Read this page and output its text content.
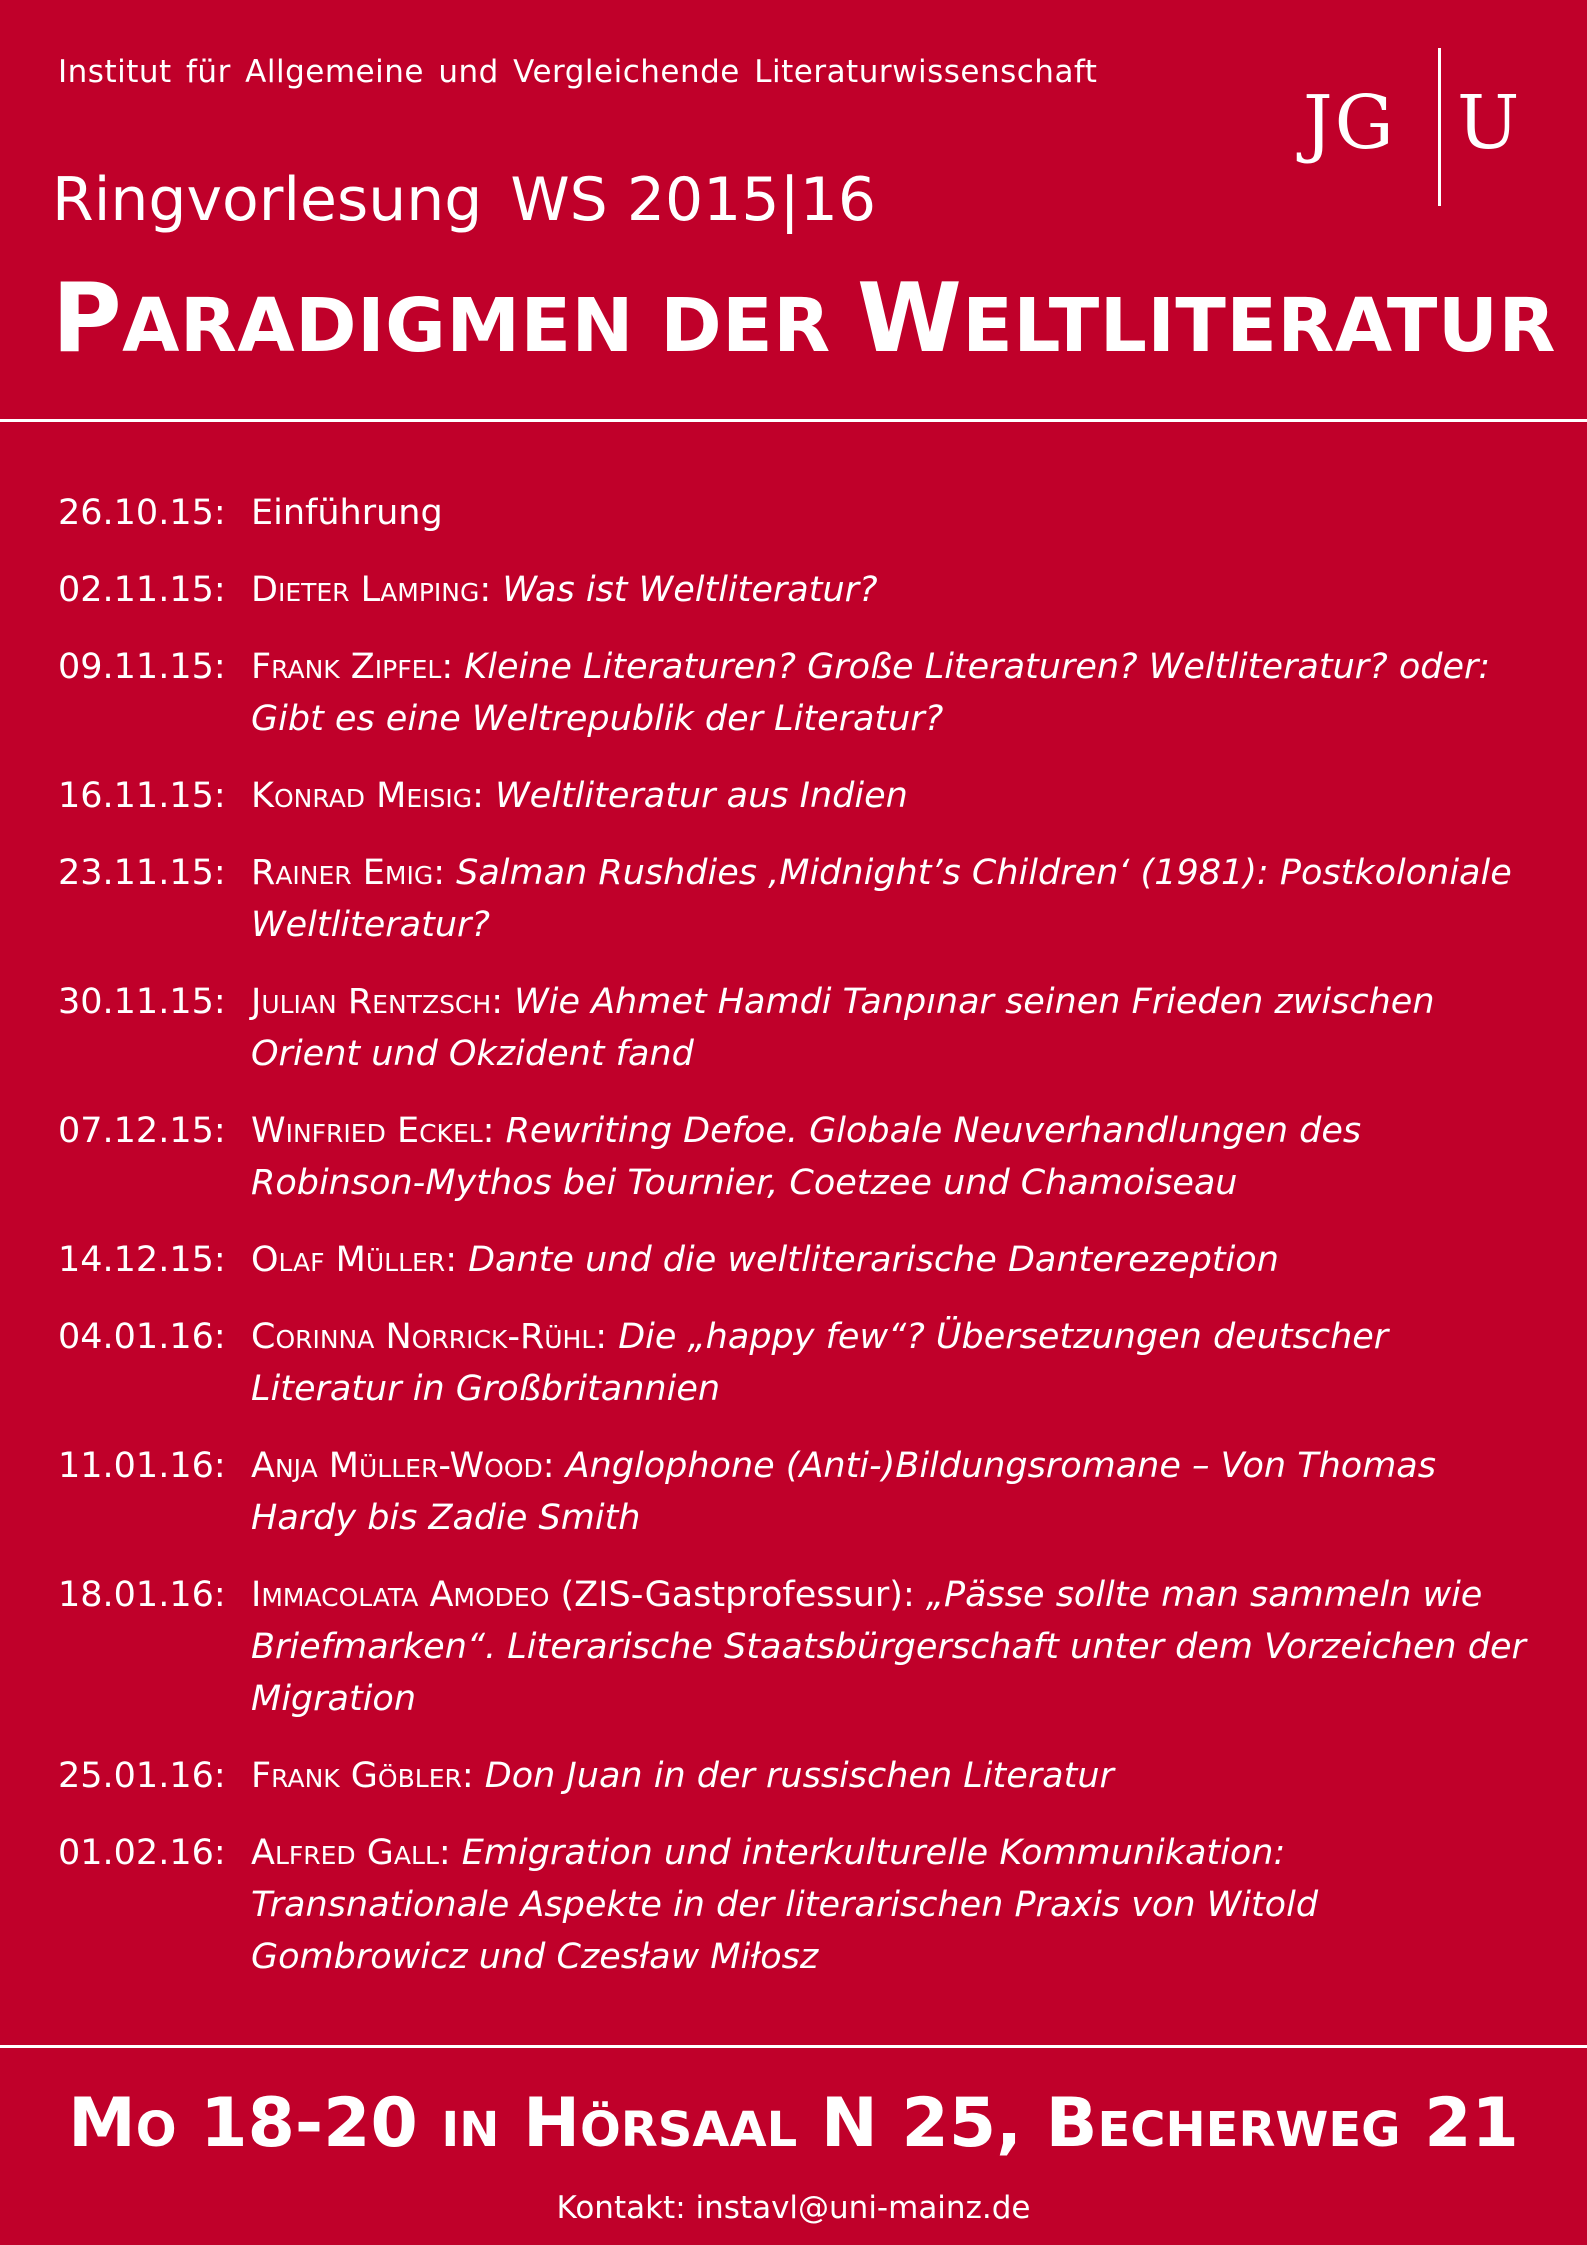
Institut für Allgemeine und Vergleichende Literaturwissenschaft
JG U
Ringvorlesung WS 2015|16
PARADIGMEN DER WELTLITERATUR
26.10.15: Einführung
02.11.15: Dieter Lamping: Was ist Weltliteratur?
09.11.15: Frank Zipfel: Kleine Literaturen? Große Literaturen? Weltliteratur? oder: Gibt es eine Weltrepublik der Literatur?
16.11.15: Konrad Meisig: Weltliteratur aus Indien
23.11.15: Rainer Emig: Salman Rushdies ‚Midnight’s Children‘ (1981): Postkoloniale Weltliteratur?
30.11.15: Julian Rentzsch: Wie Ahmet Hamdi Tanpınar seinen Frieden zwischen Orient und Okzident fand
07.12.15: Winfried Eckel: Rewriting Defoe. Globale Neuverhandlungen des Robinson-Mythos bei Tournier, Coetzee und Chamoiseau
14.12.15: Olaf Müller: Dante und die weltliterarische Danterezeption
04.01.16: Corinna Norrick-Rühl: Die „happy few“? Übersetzungen deutscher Literatur in Großbritannien
11.01.16: Anja Müller-Wood: Anglophone (Anti-)Bildungsromane – Von Thomas Hardy bis Zadie Smith
18.01.16: Immacolata Amodeo (ZIS-Gastprofessur): „Pässe sollte man sammeln wie Briefmarken“. Literarische Staatsbürgerschaft unter dem Vorzeichen der Migration
25.01.16: Frank Göbler: Don Juan in der russischen Literatur
01.02.16: Alfred Gall: Emigration und interkulturelle Kommunikation: Transnationale Aspekte in der literarischen Praxis von Witold Gombrowicz und Czesław Miłosz
Mo 18-20 in Hörsaal N 25, Becherweg 21
Kontakt: instavl@uni-mainz.de
